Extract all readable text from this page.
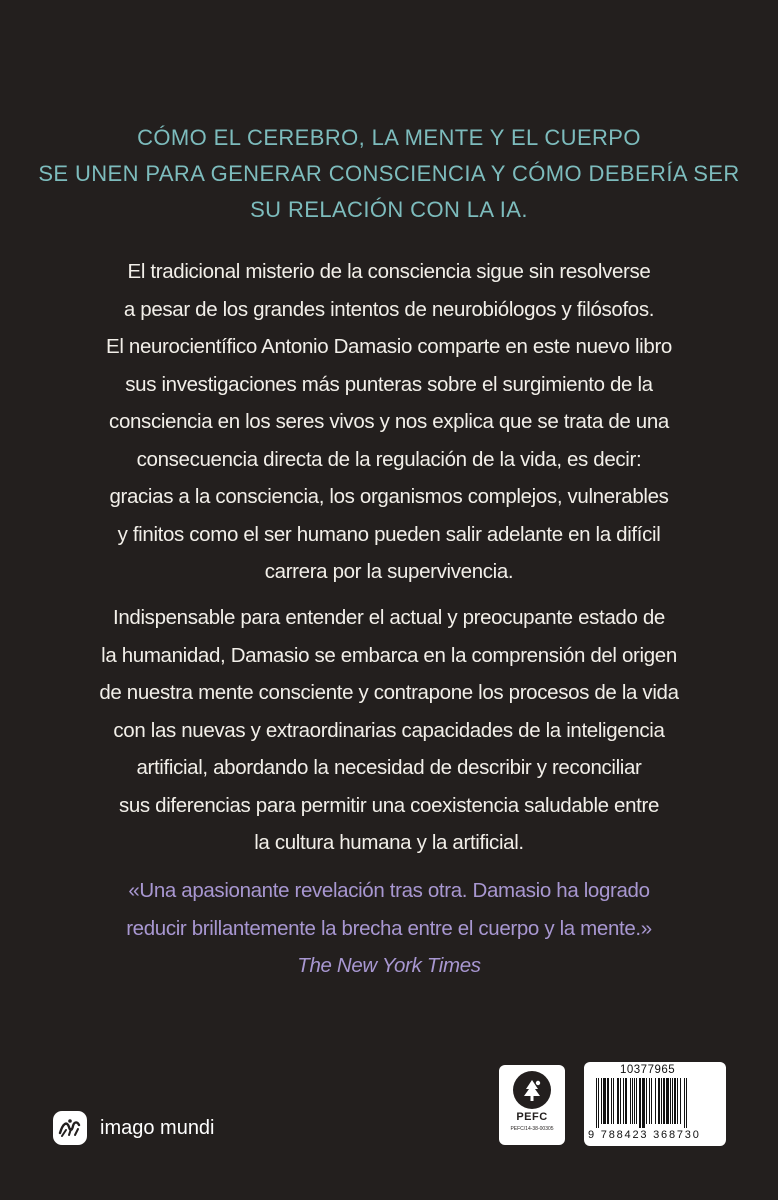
CÓMO EL CEREBRO, LA MENTE Y EL CUERPO
SE UNEN PARA GENERAR CONSCIENCIA Y CÓMO DEBERÍA SER
SU RELACIÓN CON LA IA.
El tradicional misterio de la consciencia sigue sin resolverse
a pesar de los grandes intentos de neurobiólogos y filósofos.
El neurocientífico Antonio Damasio comparte en este nuevo libro
sus investigaciones más punteras sobre el surgimiento de la
consciencia en los seres vivos y nos explica que se trata de una
consecuencia directa de la regulación de la vida, es decir:
gracias a la consciencia, los organismos complejos, vulnerables
y finitos como el ser humano pueden salir adelante en la difícil
carrera por la supervivencia.
Indispensable para entender el actual y preocupante estado de
la humanidad, Damasio se embarca en la comprensión del origen
de nuestra mente consciente y contrapone los procesos de la vida
con las nuevas y extraordinarias capacidades de la inteligencia
artificial, abordando la necesidad de describir y reconciliar
sus diferencias para permitir una coexistencia saludable entre
la cultura humana y la artificial.
«Una apasionante revelación tras otra. Damasio ha logrado
reducir brillantemente la brecha entre el cuerpo y la mente.»
The New York Times
imago mundi	PEFC
PEFC/14-38-00305
10377965
9 788423 368730
